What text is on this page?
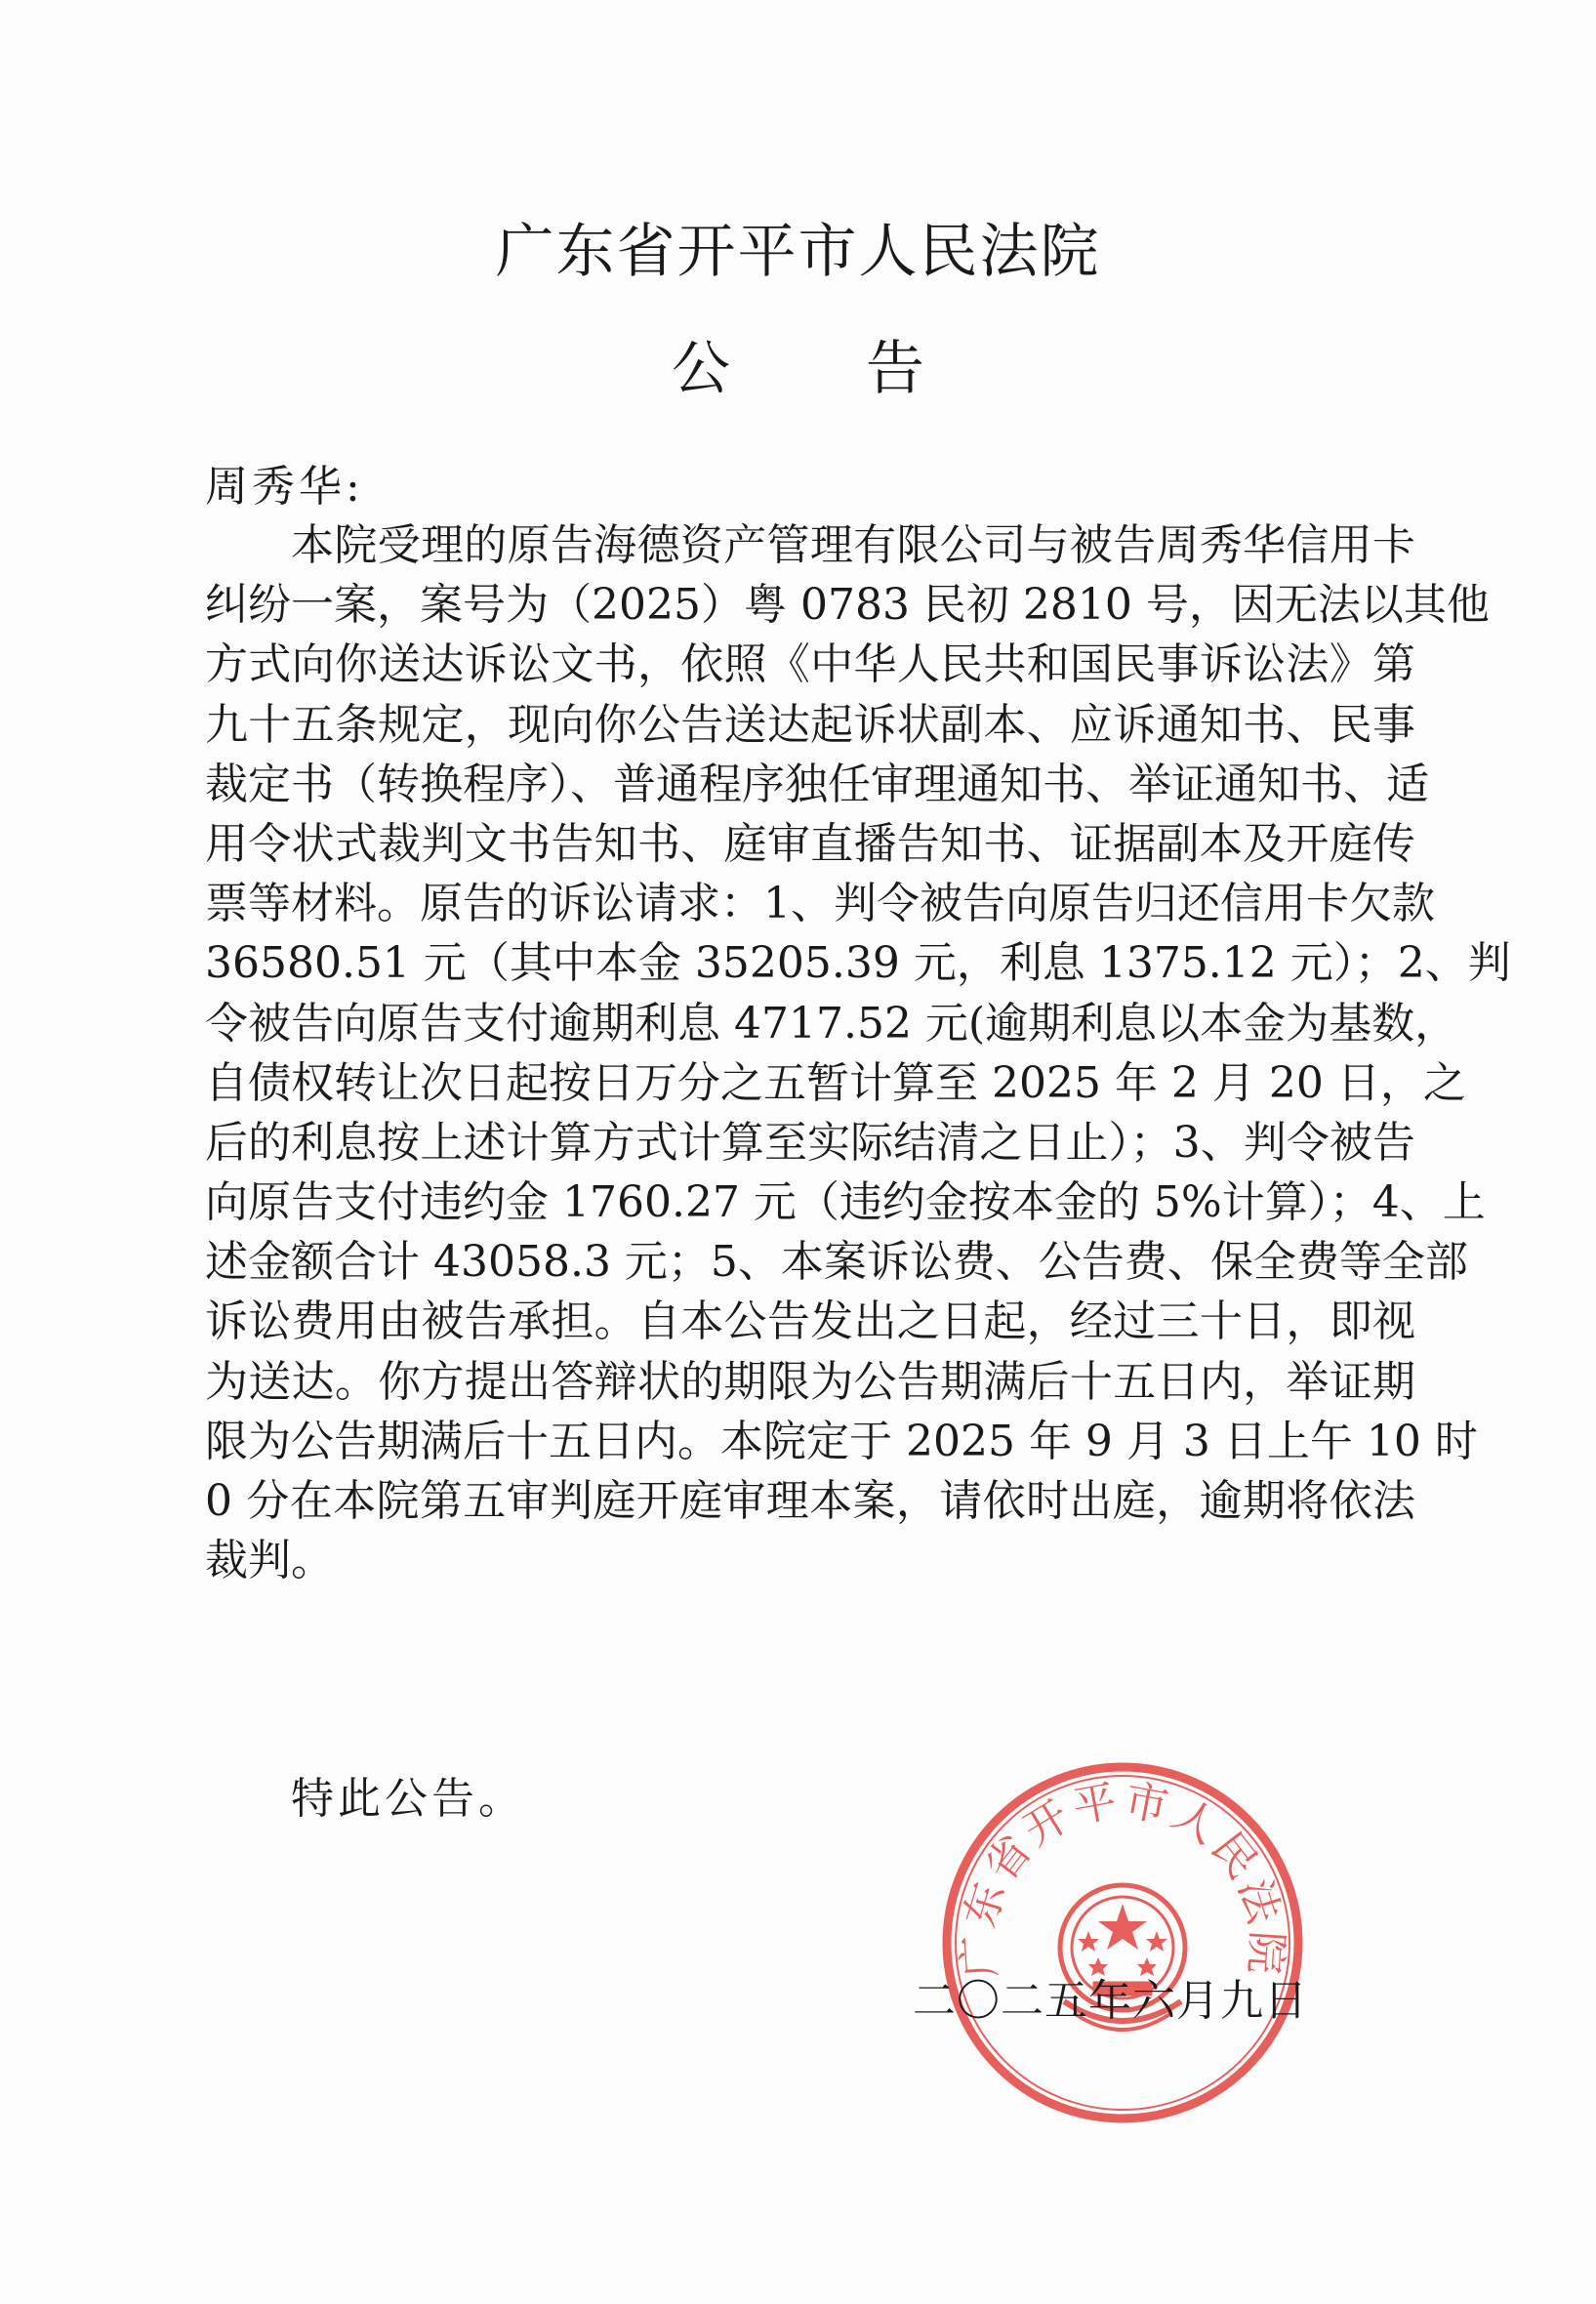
广东省开平市人民法院
公 告

周秀华:

本院受理的原告海德资产管理有限公司与被告周秀华信用卡
纠纷一案，案号为（2025）粤 0783 民初 2810 号，因无法以其他
方式向你送达诉讼文书，依照《中华人民共和国民事诉讼法》第
九十五条规定，现向你公告送达起诉状副本、应诉通知书、民事
裁定书（转换程序）、普通程序独任审理通知书、举证通知书、适
用令状式裁判文书告知书、庭审直播告知书、证据副本及开庭传
票等材料。原告的诉讼请求：1、判令被告向原告归还信用卡欠款
36580.51 元（其中本金 35205.39 元，利息 1375.12 元）；2、判
令被告向原告支付逾期利息 4717.52 元(逾期利息以本金为基数，
自债权转让次日起按日万分之五暂计算至 2025 年 2 月 20 日，之
后的利息按上述计算方式计算至实际结清之日止）；3、判令被告
向原告支付违约金 1760.27 元（违约金按本金的 5%计算）；4、上
述金额合计 43058.3 元；5、本案诉讼费、公告费、保全费等全部
诉讼费用由被告承担。自本公告发出之日起，经过三十日，即视
为送达。你方提出答辩状的期限为公告期满后十五日内，举证期
限为公告期满后十五日内。本院定于 2025 年 9 月 3 日上午 10 时
0 分在本院第五审判庭开庭审理本案，请依时出庭，逾期将依法
裁判。

特此公告。

广东省开平市人民法院

二〇二五年六月九日
